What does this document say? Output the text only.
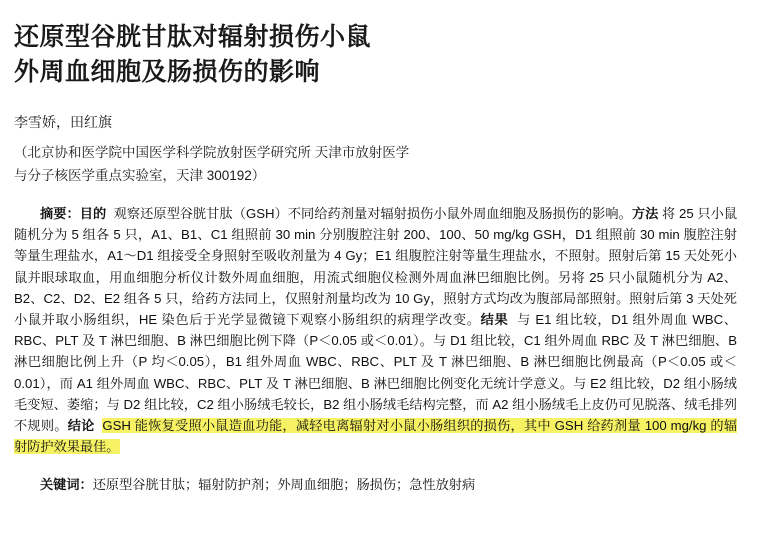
还原型谷胱甘肽对辐射损伤小鼠
外周血细胞及肠损伤的影响
李雪娇，田红旗
（北京协和医学院中国医学科学院放射医学研究所 天津市放射医学
与分子核医学重点实验室，天津 300192）

摘要：目的 观察还原型谷胱甘肽（GSH）不同给药剂量对辐射损伤小鼠外周血细胞及肠损伤的影响。方法 将 25 只小鼠随机分为 5 组各 5 只，A1、B1、C1 组照前 30 min 分别腹腔注射 200、100、50 mg/kg GSH，D1 组照前 30 min 腹腔注射等量生理盐水，A1～D1 组接受全身照射至吸收剂量为 4 Gy；E1 组腹腔注射等量生理盐水，不照射。照射后第 15 天处死小鼠并眼球取血，用血细胞分析仪计数外周血细胞，用流式细胞仪检测外周血淋巴细胞比例。另将 25 只小鼠随机分为 A2、B2、C2、D2、E2 组各 5 只，给药方法同上，仅照射剂量均改为 10 Gy，照射方式均改为腹部局部照射。照射后第 3 天处死小鼠并取小肠组织，HE 染色后于光学显微镜下观察小肠组织的病理学改变。结果 与 E1 组比较，D1 组外周血 WBC、RBC、PLT 及 T 淋巴细胞、B 淋巴细胞比例下降（P＜0.05 或＜0.01）。与 D1 组比较，C1 组外周血 RBC 及 T 淋巴细胞、B 淋巴细胞比例上升（P 均＜0.05），B1 组外周血 WBC、RBC、PLT 及 T 淋巴细胞、B 淋巴细胞比例最高（P＜0.05 或＜0.01），而 A1 组外周血 WBC、RBC、PLT 及 T 淋巴细胞、B 淋巴细胞比例变化无统计学意义。与 E2 组比较，D2 组小肠绒毛变短、萎缩；与 D2 组比较，C2 组小肠绒毛较长，B2 组小肠绒毛结构完整，而 A2 组小肠绒毛上皮仍可见脱落、绒毛排列不规则。结论 GSH 能恢复受照小鼠造血功能，减轻电离辐射对小鼠小肠组织的损伤，其中 GSH 给药剂量 100 mg/kg 的辐射防护效果最佳。

关键词：还原型谷胱甘肽；辐射防护剂；外周血细胞；肠损伤；急性放射病
